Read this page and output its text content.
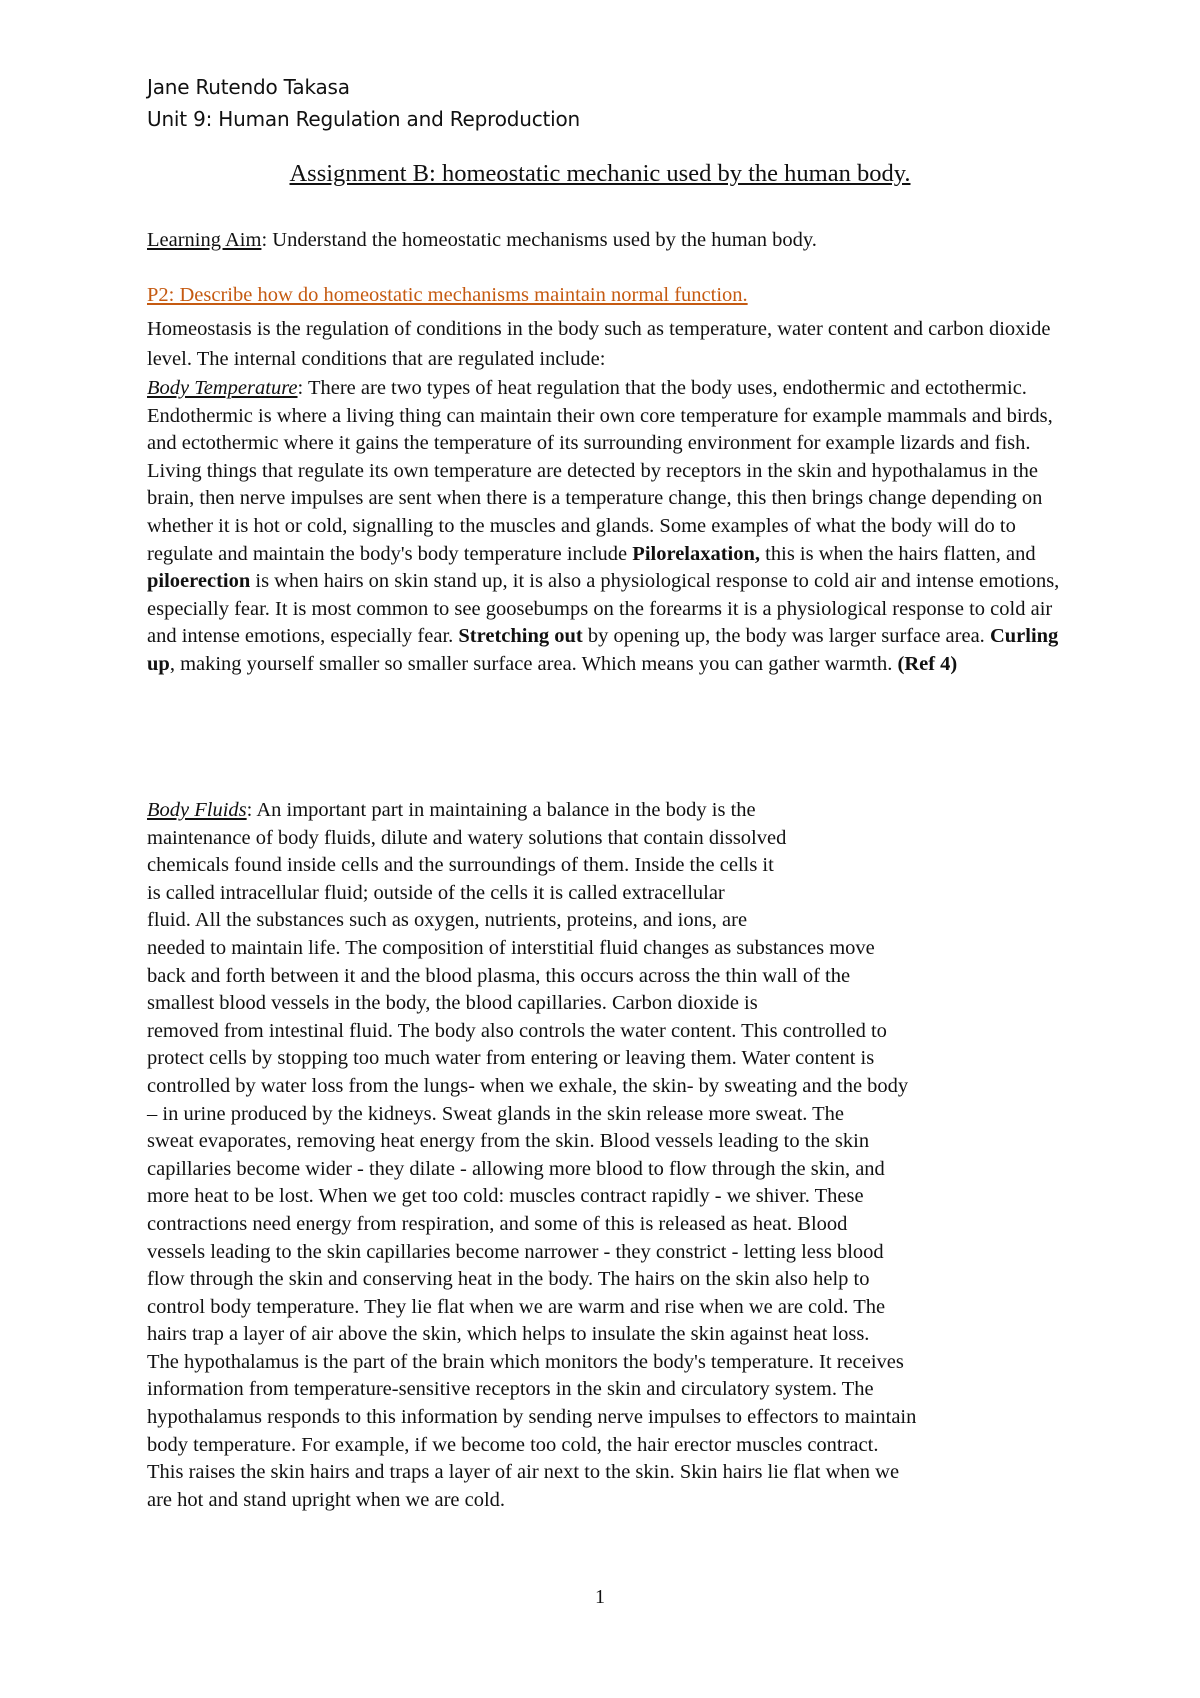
Jane Rutendo Takasa
Unit 9: Human Regulation and Reproduction
Assignment B: homeostatic mechanic used by the human body.
Learning Aim: Understand the homeostatic mechanisms used by the human body.
P2: Describe how do homeostatic mechanisms maintain normal function.
Homeostasis is the regulation of conditions in the body such as temperature, water content and carbon dioxide level. The internal conditions that are regulated include:
Body Temperature: There are two types of heat regulation that the body uses, endothermic and ectothermic. Endothermic is where a living thing can maintain their own core temperature for example mammals and birds, and ectothermic where it gains the temperature of its surrounding environment for example lizards and fish. Living things that regulate its own temperature are detected by receptors in the skin and hypothalamus in the brain, then nerve impulses are sent when there is a temperature change, this then brings change depending on whether it is hot or cold, signalling to the muscles and glands. Some examples of what the body will do to regulate and maintain the body's body temperature include Pilorelaxation, this is when the hairs flatten, and piloerection is when hairs on skin stand up, it is also a physiological response to cold air and intense emotions, especially fear. It is most common to see goosebumps on the forearms it is a physiological response to cold air and intense emotions, especially fear. Stretching out by opening up, the body was larger surface area. Curling up, making yourself smaller so smaller surface area. Which means you can gather warmth. (Ref 4)
Body Fluids: An important part in maintaining a balance in the body is the
maintenance of body fluids, dilute and watery solutions that contain dissolved
chemicals found inside cells and the surroundings of them. Inside the cells it
is called intracellular fluid; outside of the cells it is called extracellular
fluid. All the substances such as oxygen, nutrients, proteins, and ions, are
needed to maintain life. The composition of interstitial fluid changes as substances move
back and forth between it and the blood plasma, this occurs across the thin wall of the
smallest blood vessels in the body, the blood capillaries. Carbon dioxide is
removed from intestinal fluid. The body also controls the water content. This controlled to
protect cells by stopping too much water from entering or leaving them. Water content is
controlled by water loss from the lungs- when we exhale, the skin- by sweating and the body
– in urine produced by the kidneys. Sweat glands in the skin release more sweat. The
sweat evaporates, removing heat energy from the skin. Blood vessels leading to the skin
capillaries become wider - they dilate - allowing more blood to flow through the skin, and
more heat to be lost. When we get too cold: muscles contract rapidly - we shiver. These
contractions need energy from respiration, and some of this is released as heat. Blood
vessels leading to the skin capillaries become narrower - they constrict - letting less blood
flow through the skin and conserving heat in the body. The hairs on the skin also help to
control body temperature. They lie flat when we are warm and rise when we are cold. The
hairs trap a layer of air above the skin, which helps to insulate the skin against heat loss.
The hypothalamus is the part of the brain which monitors the body's temperature. It receives
information from temperature-sensitive receptors in the skin and circulatory system. The
hypothalamus responds to this information by sending nerve impulses to effectors to maintain
body temperature. For example, if we become too cold, the hair erector muscles contract.
This raises the skin hairs and traps a layer of air next to the skin. Skin hairs lie flat when we
are hot and stand upright when we are cold.
1
